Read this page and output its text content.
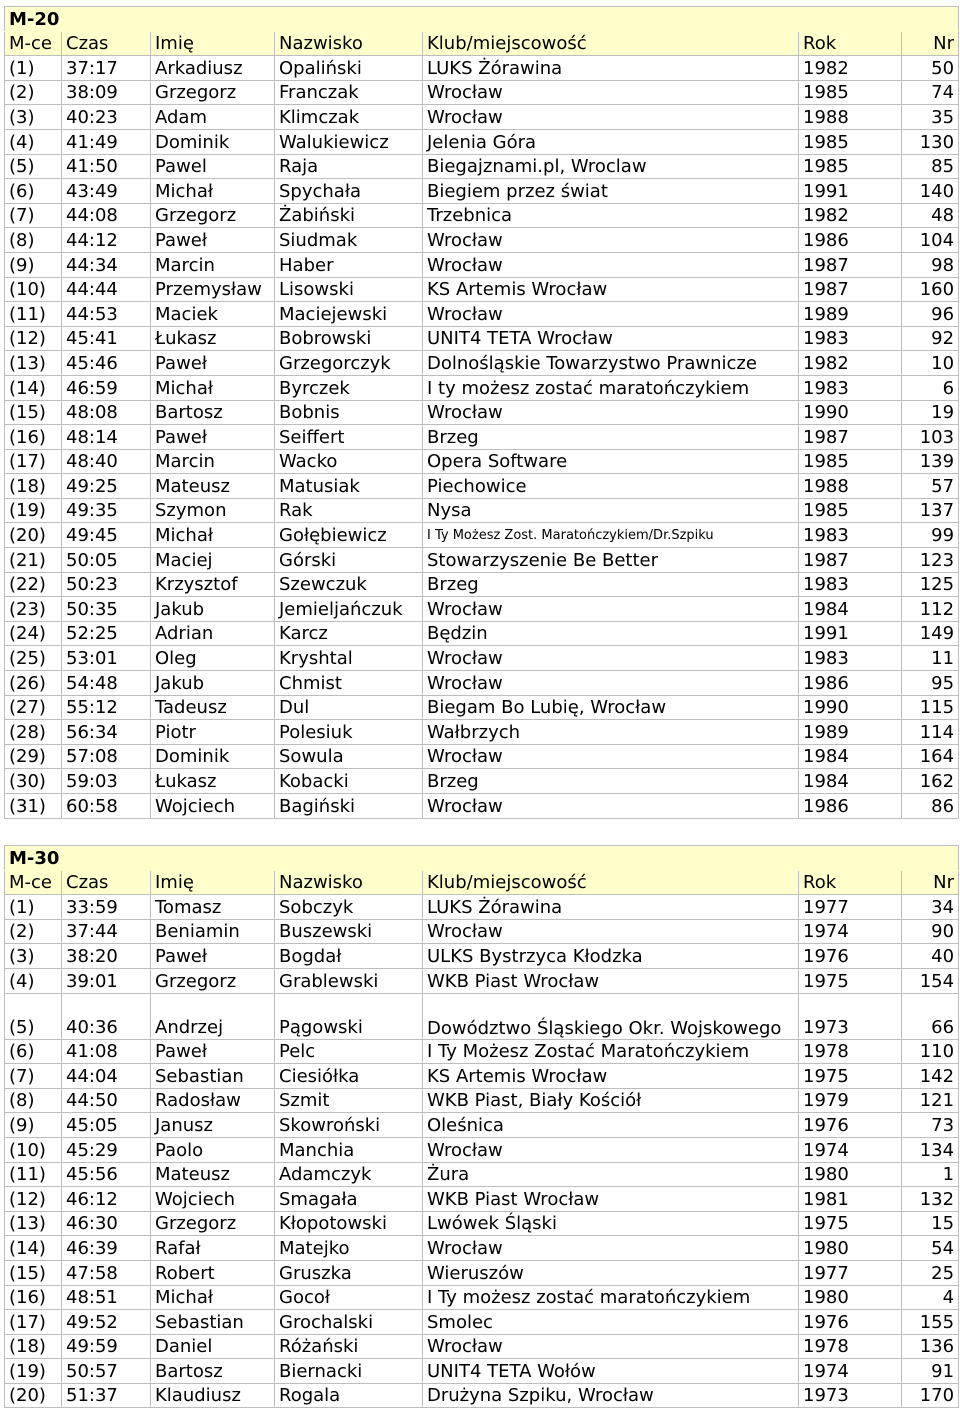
M-20						
M-ce	Czas	Imię	Nazwisko	Klub/miejscowość	Rok	Nr
(1)	37:17	Arkadiusz	Opaliński	LUKS Żórawina	1982	50
(2)	38:09	Grzegorz	Franczak	Wrocław	1985	74
(3)	40:23	Adam	Klimczak	Wrocław	1988	35
(4)	41:49	Dominik	Walukiewicz	Jelenia Góra	1985	130
(5)	41:50	Pawel	Raja	Biegajznami.pl, Wroclaw	1985	85
(6)	43:49	Michał	Spychała	Biegiem przez świat	1991	140
(7)	44:08	Grzegorz	Żabiński	Trzebnica	1982	48
(8)	44:12	Paweł	Siudmak	Wrocław	1986	104
(9)	44:34	Marcin	Haber	Wrocław	1987	98
(10)	44:44	Przemysław	Lisowski	KS Artemis Wrocław	1987	160
(11)	44:53	Maciek	Maciejewski	Wrocław	1989	96
(12)	45:41	Łukasz	Bobrowski	UNIT4 TETA Wrocław	1983	92
(13)	45:46	Paweł	Grzegorczyk	Dolnośląskie Towarzystwo Prawnicze	1982	10
(14)	46:59	Michał	Byrczek	I ty możesz zostać maratończykiem	1983	6
(15)	48:08	Bartosz	Bobnis	Wrocław	1990	19
(16)	48:14	Paweł	Seiffert	Brzeg	1987	103
(17)	48:40	Marcin	Wacko	Opera Software	1985	139
(18)	49:25	Mateusz	Matusiak	Piechowice	1988	57
(19)	49:35	Szymon	Rak	Nysa	1985	137
(20)	49:45	Michał	Gołębiewicz	I Ty Możesz Zost. Maratończykiem/Dr.Szpiku	1983	99
(21)	50:05	Maciej	Górski	Stowarzyszenie Be Better	1987	123
(22)	50:23	Krzysztof	Szewczuk	Brzeg	1983	125
(23)	50:35	Jakub	Jemieljańczuk	Wrocław	1984	112
(24)	52:25	Adrian	Karcz	Będzin	1991	149
(25)	53:01	Oleg	Kryshtal	Wrocław	1983	11
(26)	54:48	Jakub	Chmist	Wrocław	1986	95
(27)	55:12	Tadeusz	Dul	Biegam Bo Lubię, Wrocław	1990	115
(28)	56:34	Piotr	Polesiuk	Wałbrzych	1989	114
(29)	57:08	Dominik	Sowula	Wrocław	1984	164
(30)	59:03	Łukasz	Kobacki	Brzeg	1984	162
(31)	60:58	Wojciech	Bagiński	Wrocław	1986	86
M-30						
M-ce	Czas	Imię	Nazwisko	Klub/miejscowość	Rok	Nr
(1)	33:59	Tomasz	Sobczyk	LUKS Żórawina	1977	34
(2)	37:44	Beniamin	Buszewski	Wrocław	1974	90
(3)	38:20	Paweł	Bogdał	ULKS Bystrzyca Kłodzka	1976	40
(4)	39:01	Grzegorz	Grablewski	WKB Piast Wrocław	1975	154
(5)	40:36	Andrzej	Pągowski	Dowództwo Śląskiego Okr. Wojskowego	1973	66
(6)	41:08	Paweł	Pelc	I Ty Możesz Zostać Maratończykiem	1978	110
(7)	44:04	Sebastian	Ciesiółka	KS Artemis Wrocław	1975	142
(8)	44:50	Radosław	Szmit	WKB Piast, Biały Kościół	1979	121
(9)	45:05	Janusz	Skowroński	Oleśnica	1976	73
(10)	45:29	Paolo	Manchia	Wrocław	1974	134
(11)	45:56	Mateusz	Adamczyk	Żura	1980	1
(12)	46:12	Wojciech	Smagała	WKB Piast Wrocław	1981	132
(13)	46:30	Grzegorz	Kłopotowski	Lwówek Śląski	1975	15
(14)	46:39	Rafał	Matejko	Wrocław	1980	54
(15)	47:58	Robert	Gruszka	Wieruszów	1977	25
(16)	48:51	Michał	Gocoł	I Ty możesz zostać maratończykiem	1980	4
(17)	49:52	Sebastian	Grochalski	Smolec	1976	155
(18)	49:59	Daniel	Różański	Wrocław	1978	136
(19)	50:57	Bartosz	Biernacki	UNIT4 TETA Wołów	1974	91
(20)	51:37	Klaudiusz	Rogala	Drużyna Szpiku, Wrocław	1973	170
